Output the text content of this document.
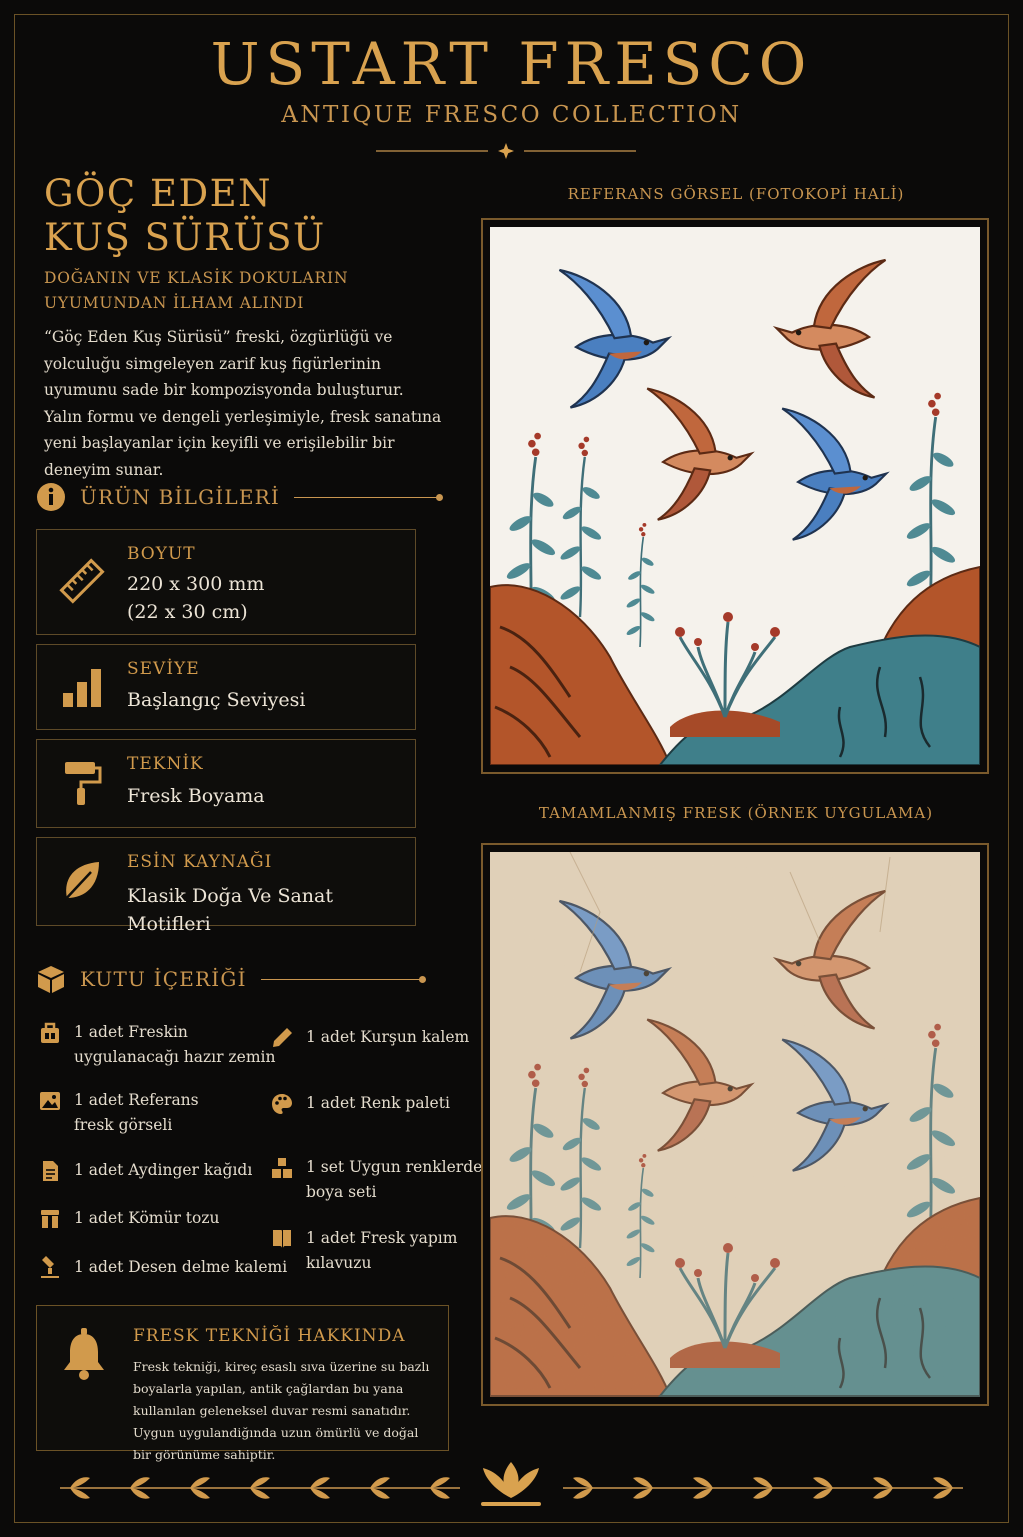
USTART FRESCO
ANTIQUE FRESCO COLLECTION
GÖÇ EDEN
KUŞ SÜRÜSÜ
DOĞANIN VE KLASİK DOKULARIN UYUMUNDAN İLHAM ALINDI
“Göç Eden Kuş Sürüsü” freski, özgürlüğü ve yolculuğu simgeleyen zarif kuş figürlerinin uyumunu sade bir kompozisyonda buluşturur. Yalın formu ve dengeli yerleşimiyle, fresk sanatına yeni başlayanlar için keyifli ve erişilebilir bir deneyim sunar.
ÜRÜN BİLGİLERİ
BOYUT
220 x 300 mm
(22 x 30 cm)
SEVİYE
Başlangıç Seviyesi
TEKNİK
Fresk Boyama
ESİN KAYNAĞI
Klasik Doğa Ve Sanat Motifleri
KUTU İÇERİĞİ
1 adet Freskin
uygulanacağı hazır zemin
1 adet Referans
fresk görseli
1 adet Aydinger kağıdı
1 adet Kömür tozu
1 adet Desen delme kalemi
1 adet Kurşun kalem
1 adet Renk paleti
1 set Uygun renklerde
boya seti
1 adet Fresk yapım
kılavuzu
FRESK TEKNİĞİ HAKKINDA
Fresk tekniği, kireç esaslı sıva üzerine su bazlı boyalarla yapılan, antik çağlardan bu yana kullanılan geleneksel duvar resmi sanatıdır. Uygun uygulandiğında uzun ömürlü ve doğal bir görünüme sahiptir.
REFERANS GÖRSEL (FOTOKOPİ HALİ)
TAMAMLANMIŞ FRESK (ÖRNEK UYGULAMA)
